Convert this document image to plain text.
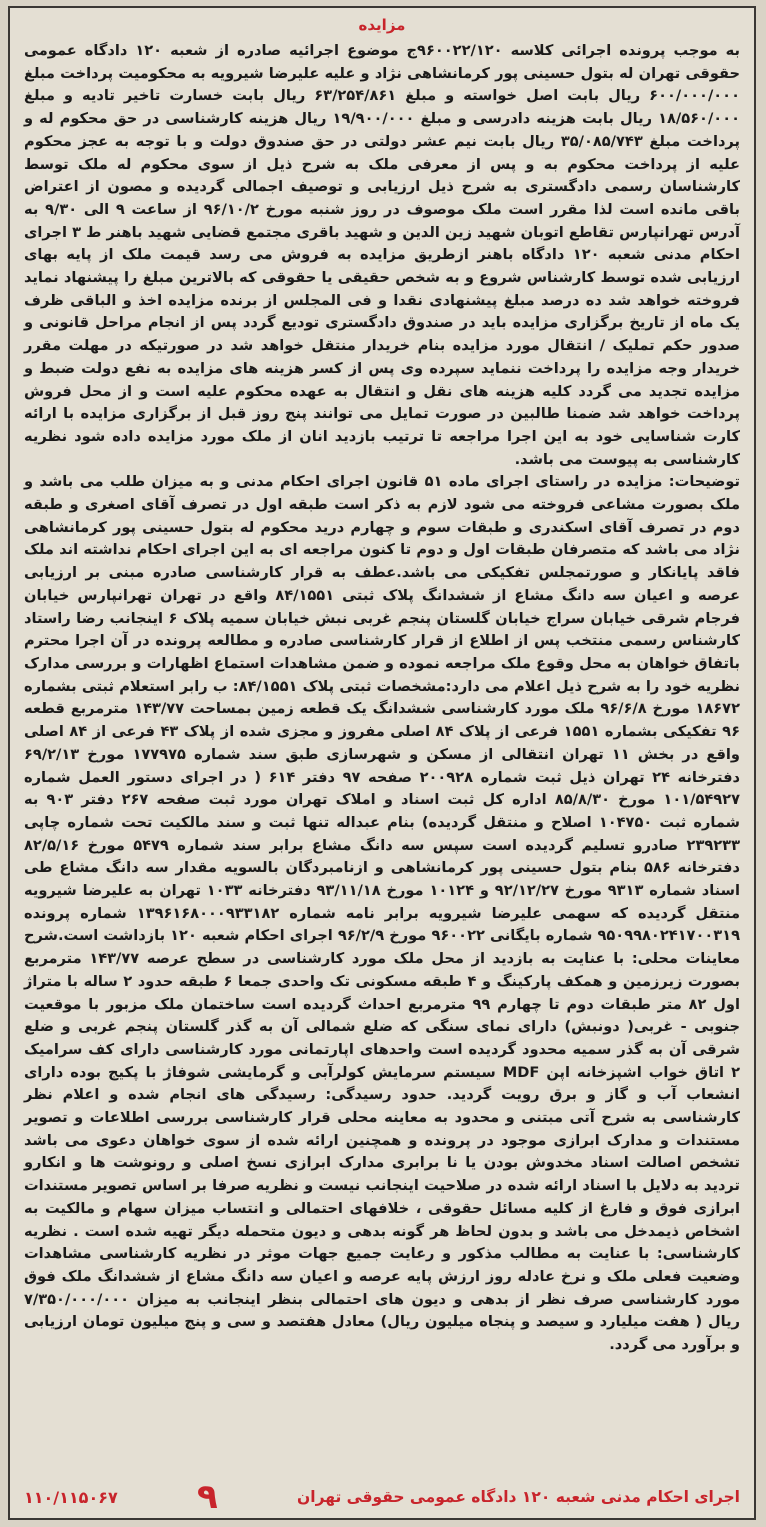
مزایده

به موجب پرونده اجرائی کلاسه ۹۶۰۰۲۲/۱۲۰ج موضوع اجرائیه صادره از شعبه ۱۲۰ دادگاه عمومی حقوقی تهران له بتول حسینی پور کرمانشاهی نژاد و علیه علیرضا شیرویه به محکومیت پرداخت مبلغ ۶۰۰/۰۰۰/۰۰۰ ریال بابت اصل خواسته و مبلغ ۶۳/۲۵۴/۸۶۱ ریال بابت خسارت تاخیر تادیه و مبلغ ۱۸/۵۶۰/۰۰۰ ریال بابت هزینه دادرسی و مبلغ ۱۹/۹۰۰/۰۰۰ ریال هزینه کارشناسی در حق محکوم له و پرداخت مبلغ ۳۵/۰۸۵/۷۴۳ ریال بابت نیم عشر دولتی در حق صندوق دولت و با توجه به عجز محکوم علیه از پرداخت محکوم به و پس از معرفی ملک به شرح ذیل از سوی محکوم له ملک توسط کارشناسان رسمی دادگستری به شرح ذیل ارزیابی و توصیف اجمالی گردیده و مصون از اعتراض باقی مانده است لذا مقرر است ملک موصوف در روز شنبه مورخ ۹۶/۱۰/۲ از ساعت ۹ الی ۹/۳۰ به آدرس تهرانپارس تقاطع اتوبان شهید زین الدین و شهید باقری مجتمع قضایی شهید باهنر ط ۳ اجرای احکام مدنی شعبه ۱۲۰ دادگاه باهنر ازطریق مزایده به فروش می رسد قیمت ملک از پایه بهای ارزیابی شده توسط کارشناس شروع و به شخص حقیقی یا حقوقی که بالاترین مبلغ را پیشنهاد نماید فروخته خواهد شد ده درصد مبلغ پیشنهادی نقدا و فی المجلس از برنده مزایده اخذ و الباقی ظرف یک ماه از تاریخ برگزاری مزایده باید در صندوق دادگستری تودیع گردد پس از انجام مراحل قانونی و صدور حکم تملیک / انتقال مورد مزایده بنام خریدار منتقل خواهد شد در صورتیکه در مهلت مقرر خریدار وجه مزایده را پرداخت ننماید سپرده وی پس از کسر هزینه های مزایده به نفع دولت ضبط و مزایده تجدید می گردد کلیه هزینه های نقل و انتقال به عهده محکوم علیه است و از محل فروش پرداخت خواهد شد ضمنا طالبین در صورت تمایل می توانند پنج روز قبل از برگزاری مزایده با ارائه کارت شناسایی خود به این اجرا مراجعه تا ترتیب بازدید انان از ملک مورد مزایده داده شود نظریه کارشناسی به پیوست می باشد.

توضیحات: مزایده در راستای اجرای ماده ۵۱ قانون اجرای احکام مدنی و به میزان طلب می باشد و ملک بصورت مشاعی فروخته می شود لازم به ذکر است طبقه اول در تصرف آقای اصغری و طبقه دوم در تصرف آقای اسکندری و طبقات سوم و چهارم درید محکوم له بتول حسینی پور کرمانشاهی نژاد می باشد که متصرفان طبقات اول و دوم تا کنون مراجعه ای به این اجرای احکام نداشته اند ملک فاقد پایانکار و صورتمجلس تفکیکی می باشد.عطف به قرار کارشناسی صادره مبنی بر ارزیابی عرصه و اعیان سه دانگ مشاع از ششدانگ پلاک ثبتی ۸۴/۱۵۵۱ واقع در تهران تهرانپارس خیابان فرجام شرقی خیابان سراج خیابان گلستان پنجم غربی نبش خیابان سمیه پلاک ۶ اینجانب رضا راستاد کارشناس رسمی منتخب پس از اطلاع از قرار کارشناسی صادره و مطالعه پرونده در آن اجرا محترم باتفاق خواهان به محل وقوع ملک مراجعه نموده و ضمن مشاهدات استماع اظهارات و بررسی مدارک نظریه خود را به شرح ذیل اعلام می دارد:مشخصات ثبتی پلاک ۸۴/۱۵۵۱: ب رابر استعلام ثبتی بشماره ۱۸۶۷۲ مورخ ۹۶/۶/۸ ملک مورد کارشناسی ششدانگ یک قطعه زمین بمساحت ۱۴۳/۷۷ مترمربع قطعه ۹۶ تفکیکی بشماره ۱۵۵۱ فرعی از پلاک ۸۴ اصلی مفروز و مجزی شده از پلاک ۴۳ فرعی از ۸۴ اصلی واقع در بخش ۱۱ تهران انتقالی از مسکن و شهرسازی طبق سند شماره ۱۷۷۹۷۵ مورخ ۶۹/۲/۱۳ دفترخانه ۲۴ تهران ذیل ثبت شماره ۲۰۰۹۲۸ صفحه ۹۷ دفتر ۶۱۴ ( در اجرای دستور العمل شماره ۱۰۱/۵۴۹۲۷ مورخ ۸۵/۸/۳۰ اداره کل ثبت اسناد و املاک تهران مورد ثبت صفحه ۲۶۷ دفتر ۹۰۳ به شماره ثبت ۱۰۴۷۵۰ اصلاح و منتقل گردیده) بنام عبداله تنها ثبت و سند مالکیت تحت شماره چاپی ۲۳۹۲۳۳ صادرو تسلیم گردیده است سپس سه دانگ مشاع برابر سند شماره ۵۴۷۹ مورخ ۸۲/۵/۱۶ دفترخانه ۵۸۶ بنام بتول حسینی پور کرمانشاهی و ازنامبردگان بالسویه مقدار سه دانگ مشاع طی اسناد شماره ۹۳۱۳ مورخ ۹۲/۱۲/۲۷ و ۱۰۱۲۴ مورخ ۹۳/۱۱/۱۸ دفترخانه ۱۰۳۳ تهران به علیرضا شیرویه منتقل گردیده که سهمی علیرضا شیرویه برابر نامه شماره ۱۳۹۶۱۶۸۰۰۰۹۳۳۱۸۲ شماره پرونده ۹۵۰۹۹۸۰۲۴۱۷۰۰۳۱۹ شماره بایگانی ۹۶۰۰۲۲ مورخ ۹۶/۲/۹ اجرای احکام شعبه ۱۲۰ بازداشت است.شرح معاینات محلی: با عنایت به بازدید از محل ملک مورد کارشناسی در سطح عرصه ۱۴۳/۷۷ مترمربع بصورت زیرزمین و همکف پارکینگ و ۴ طبقه مسکونی تک واحدی جمعا ۶ طبقه حدود ۲ ساله با متراژ اول ۸۲ متر طبقات دوم تا چهارم ۹۹ مترمربع احداث گردیده است ساختمان ملک مزبور با موقعیت جنوبی - غربی( دونبش) دارای نمای سنگی که ضلع شمالی آن به گذر گلستان پنجم غربی و ضلع شرقی آن به گذر سمیه محدود گردیده است واحدهای اپارتمانی مورد کارشناسی دارای کف سرامیک ۲ اتاق خواب اشپزخانه اپن MDF سیستم سرمایش کولرآبی و گرمایشی شوفاژ با پکیج بوده دارای انشعاب آب و گاز و برق رویت گردید. حدود رسیدگی: رسیدگی های انجام شده و اعلام نظر کارشناسی به شرح آتی مبتنی و محدود به معاینه محلی قرار کارشناسی بررسی اطلاعات و تصویر مستندات و مدارک ابرازی موجود در پرونده و همچنین ارائه شده از سوی خواهان دعوی می باشد تشخص اصالت اسناد مخدوش بودن یا نا برابری مدارک ابرازی نسخ اصلی و رونوشت ها و انکارو تردید به دلایل با اسناد ارائه شده در صلاحیت اینجانب نیست و نظریه صرفا بر اساس تصویر مستندات ابرازی فوق و فارغ از کلیه مسائل حقوقی ، خلافهای احتمالی و انتساب میزان سهام و مالکیت به اشخاص ذیمدخل می باشد و بدون لحاظ هر گونه بدهی و دیون متحمله دیگر تهیه شده است . نظریه کارشناسی: با عنایت به مطالب مذکور و رعایت جمیع جهات موثر در نظریه کارشناسی مشاهدات وضعیت فعلی ملک و نرخ عادله روز ارزش پایه عرصه و اعیان سه دانگ مشاع از ششدانگ ملک فوق مورد کارشناسی صرف نظر از بدهی و دیون های احتمالی بنظر اینجانب به میزان ۷/۳۵۰/۰۰۰/۰۰۰ ریال ( هفت میلیارد و سیصد و پنجاه میلیون ریال) معادل هفتصد و سی و پنج میلیون تومان ارزیابی و برآورد می گردد.

اجرای احکام مدنی شعبه ۱۲۰ دادگاه عمومی حقوقی تهران
۹
۱۱۰/۱۱۵۰۶۷
